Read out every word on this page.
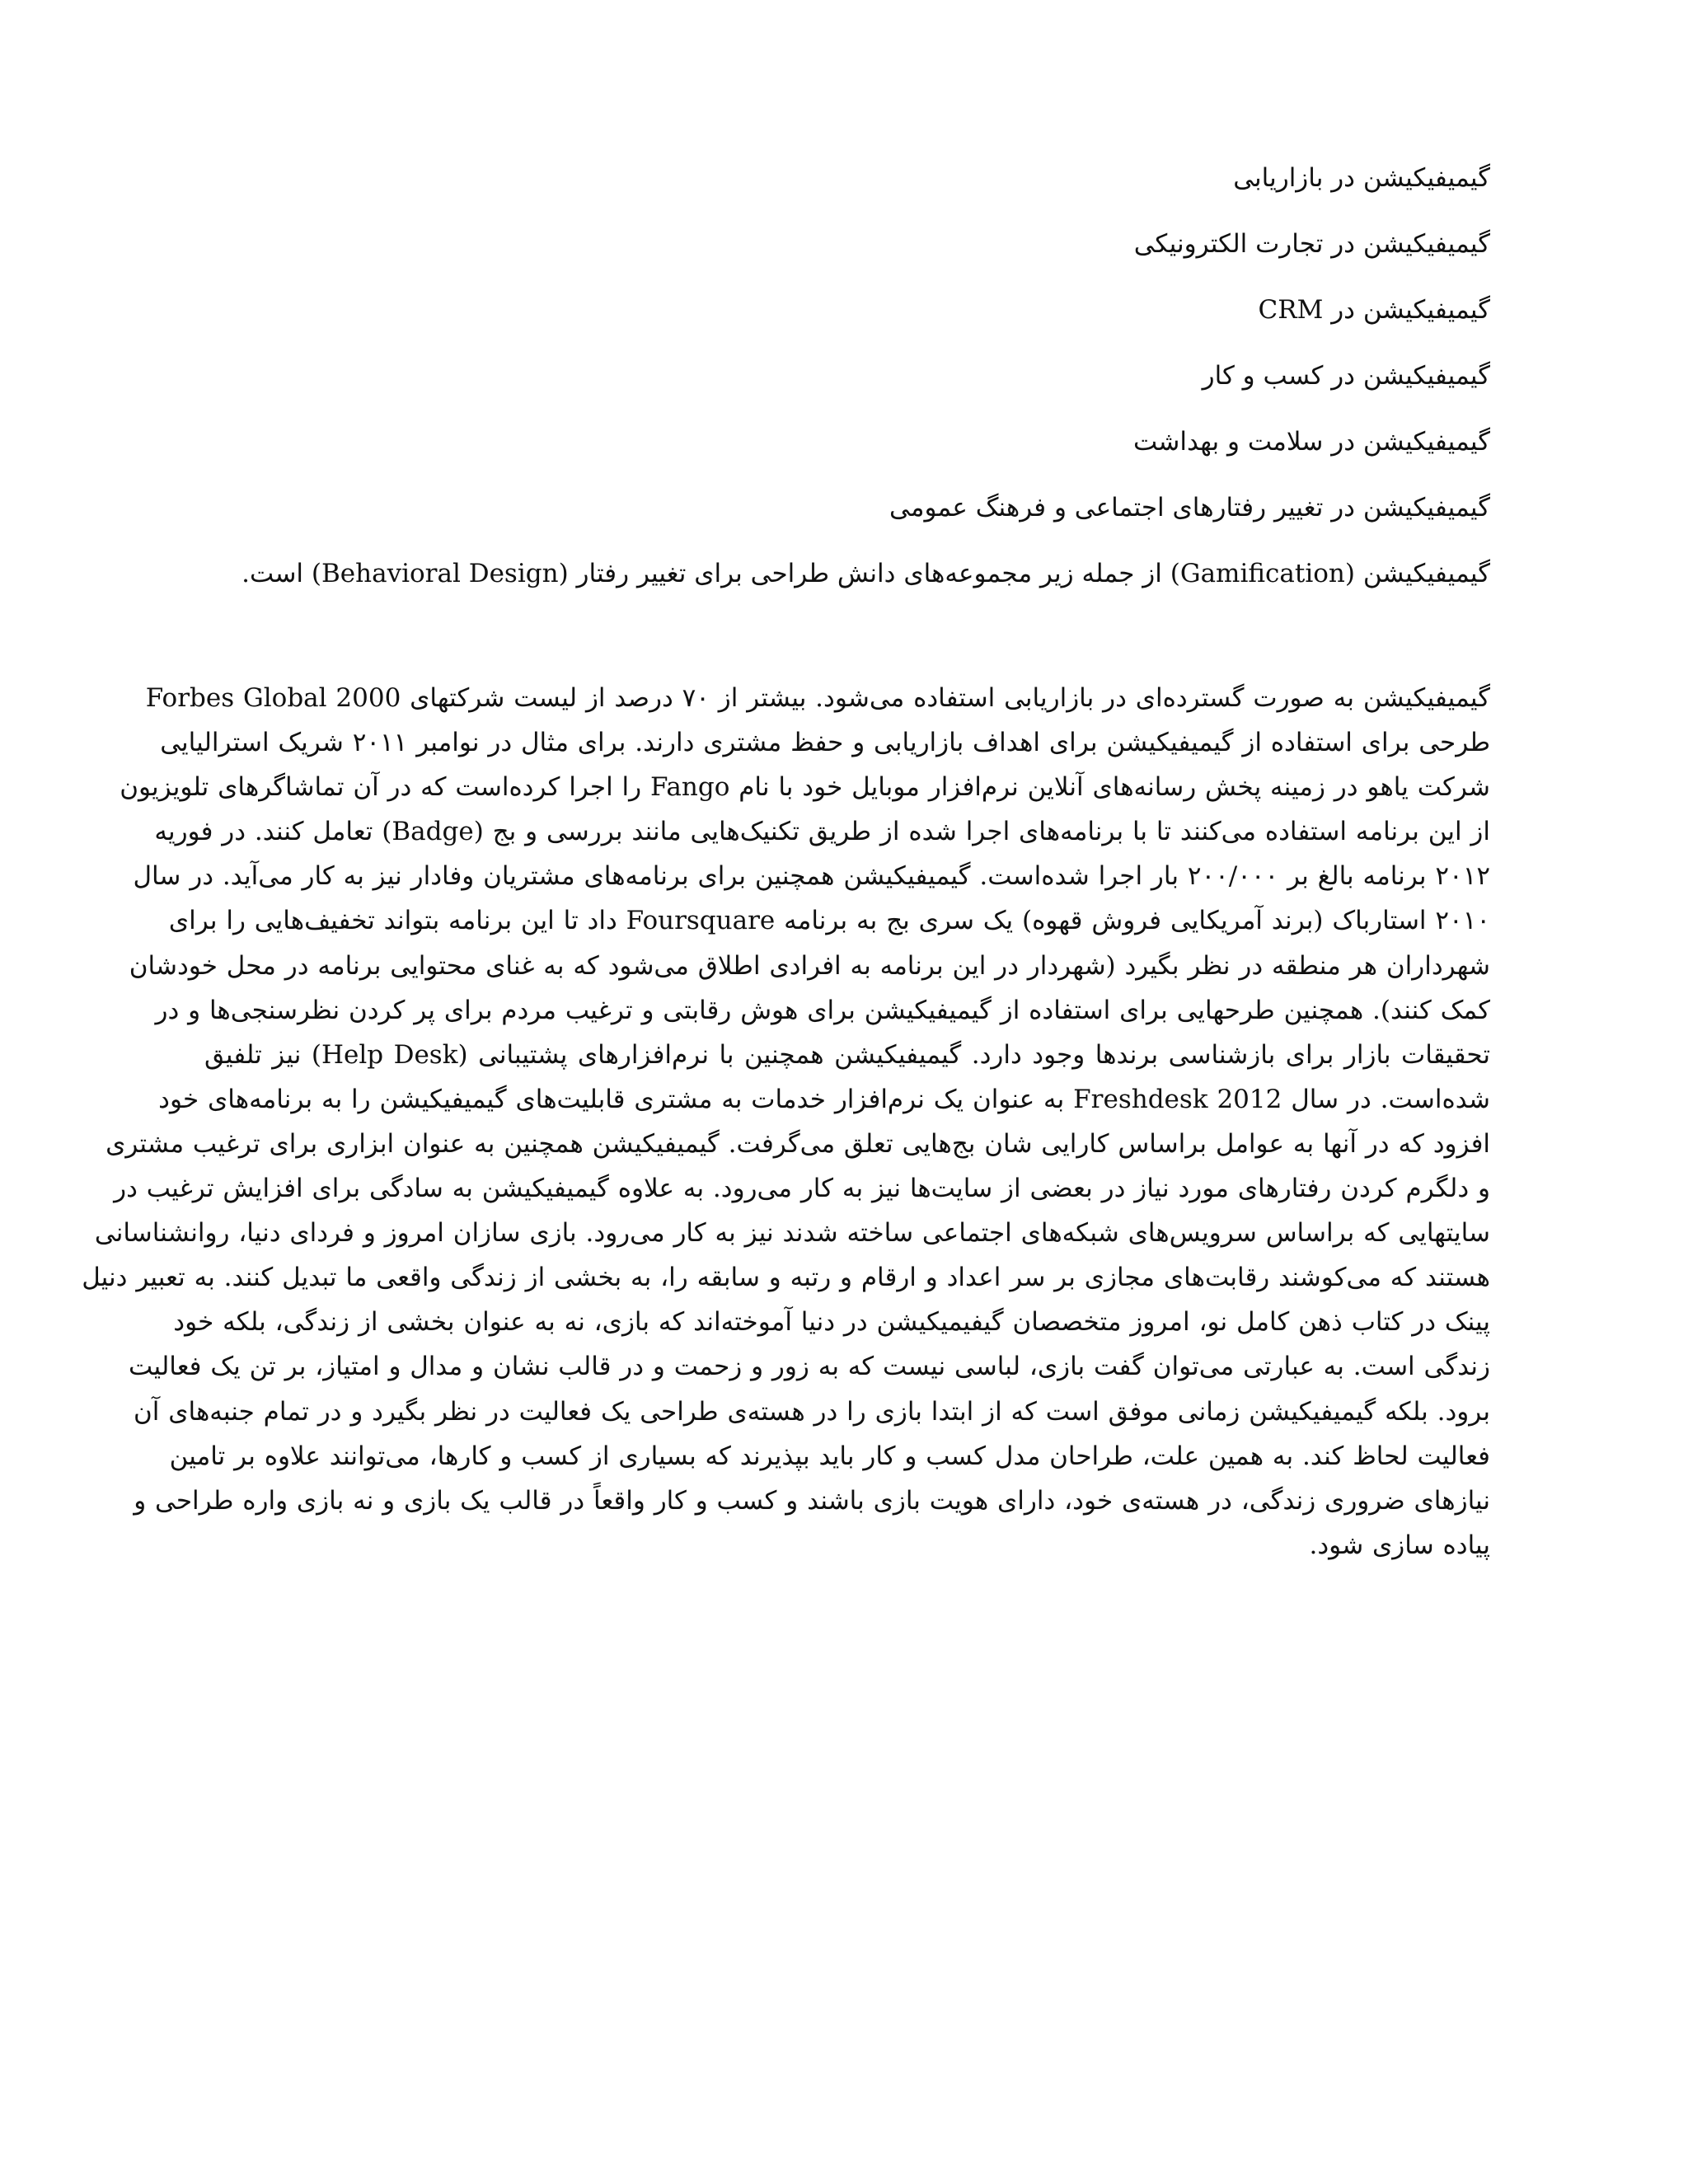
گیمیفیکیشن در بازاریابی
گیمیفیکیشن در تجارت الکترونیکی
گیمیفیکیشن در CRM
گیمیفیکیشن در کسب و کار
گیمیفیکیشن در سلامت و بهداشت
گیمیفیکیشن در تغییر رفتارهای اجتماعی و فرهنگ عمومی
گیمیفیکیشن (Gamification) از جمله زیر مجموعه‌های دانش طراحی برای تغییر رفتار (Behavioral Design) است.
گیمیفیکیشن به صورت گسترده‌ای در بازاریابی استفاده می‌شود. بیشتر از ۷۰ درصد از لیست شرکتهای Forbes Global 2000
طرحی برای استفاده از گیمیفیکیشن برای اهداف بازاریابی و حفظ مشتری دارند. برای مثال در نوامبر ۲۰۱۱ شریک استرالیایی
شرکت یاهو در زمینه پخش رسانه‌های آنلاین نرم‌افزار موبایل خود با نام Fango را اجرا کرده‌است که در آن تماشاگرهای تلویزیون
از این برنامه استفاده می‌کنند تا با برنامه‌های اجرا شده از طریق تکنیک‌هایی مانند بررسی و بج (Badge) تعامل کنند. در فوریه
۲۰۱۲ برنامه بالغ بر ۲۰۰/۰۰۰ بار اجرا شده‌است. گیمیفیکیشن همچنین برای برنامه‌های مشتریان وفادار نیز به کار می‌آید. در سال
۲۰۱۰ استارباک (برند آمریکایی فروش قهوه) یک سری بج به برنامه Foursquare داد تا این برنامه بتواند تخفیف‌هایی را برای
شهرداران هر منطقه در نظر بگیرد (شهردار در این برنامه به افرادی اطلاق می‌شود که به غنای محتوایی برنامه در محل خودشان
کمک کنند). همچنین طرحهایی برای استفاده از گیمیفیکیشن برای هوش رقابتی و ترغیب مردم برای پر کردن نظرسنجی‌ها و در
تحقیقات بازار برای بازشناسی برندها وجود دارد. گیمیفیکیشن همچنین با نرم‌افزارهای پشتیبانی (Help Desk) نیز تلفیق
شده‌است. در سال Freshdesk 2012 به عنوان یک نرم‌افزار خدمات به مشتری قابلیت‌های گیمیفیکیشن را به برنامه‌های خود
افزود که در آنها به عوامل براساس کارایی شان بج‌هایی تعلق می‌گرفت. گیمیفیکیشن همچنین به عنوان ابزاری برای ترغیب مشتری
و دلگرم کردن رفتارهای مورد نیاز در بعضی از سایت‌ها نیز به کار می‌رود. به علاوه گیمیفیکیشن به سادگی برای افزایش ترغیب در
سایتهایی که براساس سرویس‌های شبکه‌های اجتماعی ساخته شدند نیز به کار می‌رود. بازی سازان امروز و فردای دنیا، روانشناسانی
هستند که می‌کوشند رقابت‌های مجازی بر سر اعداد و ارقام و رتبه و سابقه را، به بخشی از زندگی واقعی ما تبدیل کنند. به تعبیر دنیل
پینک در کتاب ذهن کامل نو، امروز متخصصان گیفیمیکیشن در دنیا آموخته‌اند که بازی، نه به عنوان بخشی از زندگی، بلکه خود
زندگی است. به عبارتی می‌توان گفت بازی، لباسی نیست که به زور و زحمت و در قالب نشان و مدال و امتیاز، بر تن یک فعالیت
برود. بلکه گیمیفیکیشن زمانی موفق است که از ابتدا بازی را در هسته‌ی طراحی یک فعالیت در نظر بگیرد و در تمام جنبه‌های آن
فعالیت لحاظ کند. به همین علت، طراحان مدل کسب و کار باید بپذیرند که بسیاری از کسب و کارها، می‌توانند علاوه بر تامین
نیازهای ضروری زندگی، در هسته‌ی خود، دارای هویت بازی باشند و کسب و کار واقعاً در قالب یک بازی و نه بازی واره طراحی و
پیاده سازی شود.
